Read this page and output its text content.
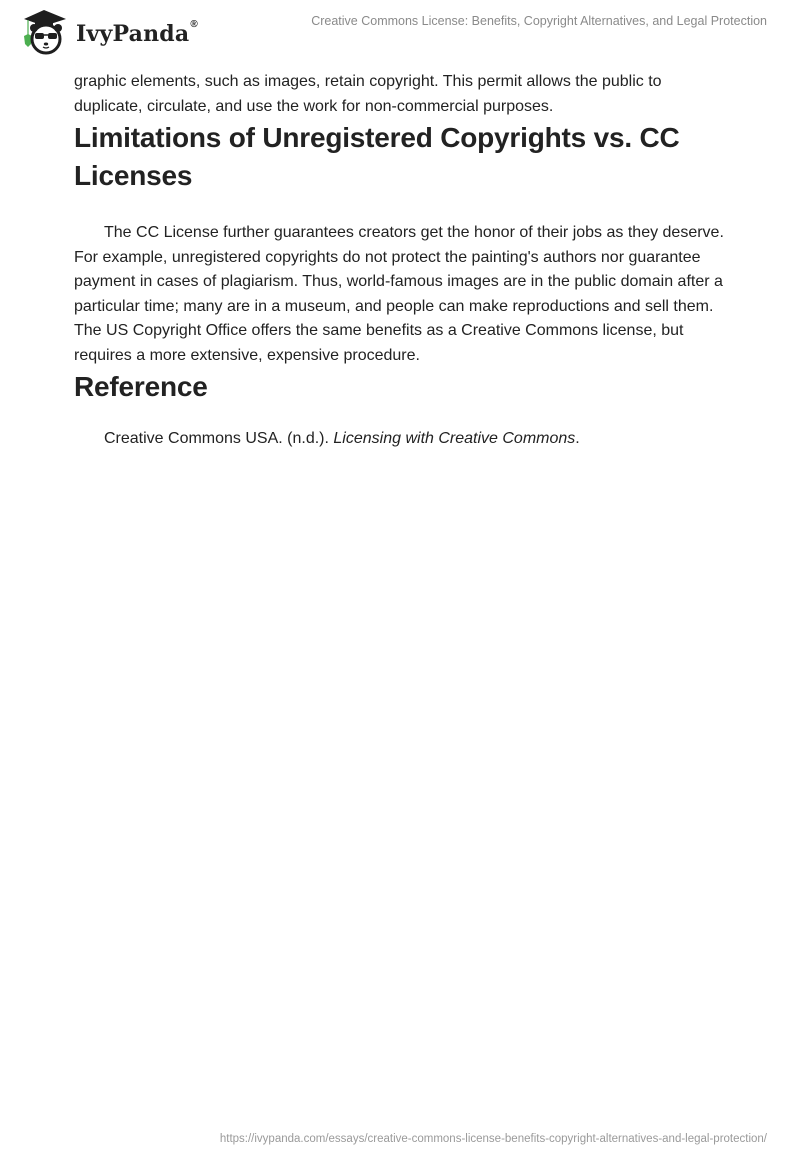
IvyPanda®	Creative Commons License: Benefits, Copyright Alternatives, and Legal Protection

graphic elements, such as images, retain copyright. This permit allows the public to duplicate, circulate, and use the work for non-commercial purposes.

Limitations of Unregistered Copyrights vs. CC Licenses

The CC License further guarantees creators get the honor of their jobs as they deserve. For example, unregistered copyrights do not protect the painting's authors nor guarantee payment in cases of plagiarism. Thus, world-famous images are in the public domain after a particular time; many are in a museum, and people can make reproductions and sell them. The US Copyright Office offers the same benefits as a Creative Commons license, but requires a more extensive, expensive procedure.

Reference
Creative Commons USA. (n.d.). Licensing with Creative Commons.
https://ivypanda.com/essays/creative-commons-license-benefits-copyright-alternatives-and-legal-protection/
